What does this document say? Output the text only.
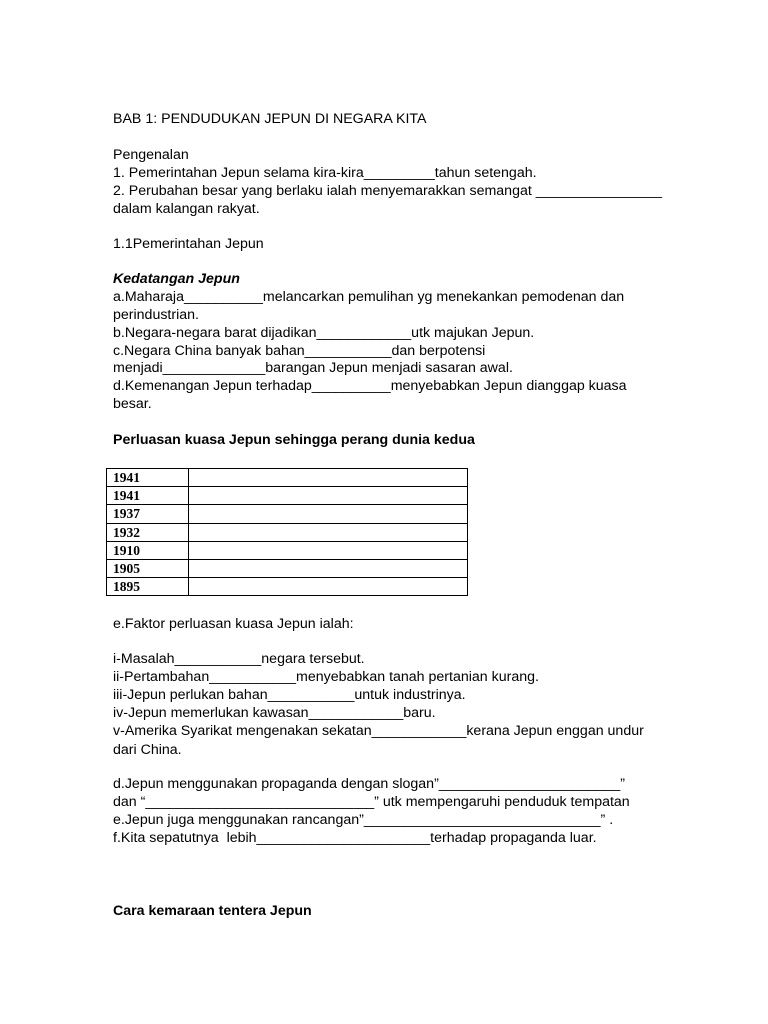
BAB 1: PENDUDUKAN JEPUN DI NEGARA KITA
Pengenalan
1. Pemerintahan Jepun selama kira-kira_________tahun setengah.
2. Perubahan besar yang berlaku ialah menyemarakkan semangat ________________
dalam kalangan rakyat.
1.1Pemerintahan Jepun
Kedatangan Jepun
a.Maharaja__________melancarkan pemulihan yg menekankan pemodenan dan
perindustrian.
b.Negara-negara barat dijadikan____________utk majukan Jepun.
c.Negara China banyak bahan___________dan berpotensi
menjadi_____________barangan Jepun menjadi sasaran awal.
d.Kemenangan Jepun terhadap__________menyebabkan Jepun dianggap kuasa
besar.
Perluasan kuasa Jepun sehingga perang dunia kedua
1941	
1941	
1937	
1932	
1910	
1905	
1895	
e.Faktor perluasan kuasa Jepun ialah:
i-Masalah___________negara tersebut.
ii-Pertambahan___________menyebabkan tanah pertanian kurang.
iii-Jepun perlukan bahan___________untuk industrinya.
iv-Jepun memerlukan kawasan____________baru.
v-Amerika Syarikat mengenakan sekatan____________kerana Jepun enggan undur
dari China.
d.Jepun menggunakan propaganda dengan slogan”_______________________”
dan “_____________________________” utk mempengaruhi penduduk tempatan
e.Jepun juga menggunakan rancangan”______________________________” .
f.Kita sepatutnya  lebih______________________terhadap propaganda luar.
Cara kemaraan tentera Jepun
